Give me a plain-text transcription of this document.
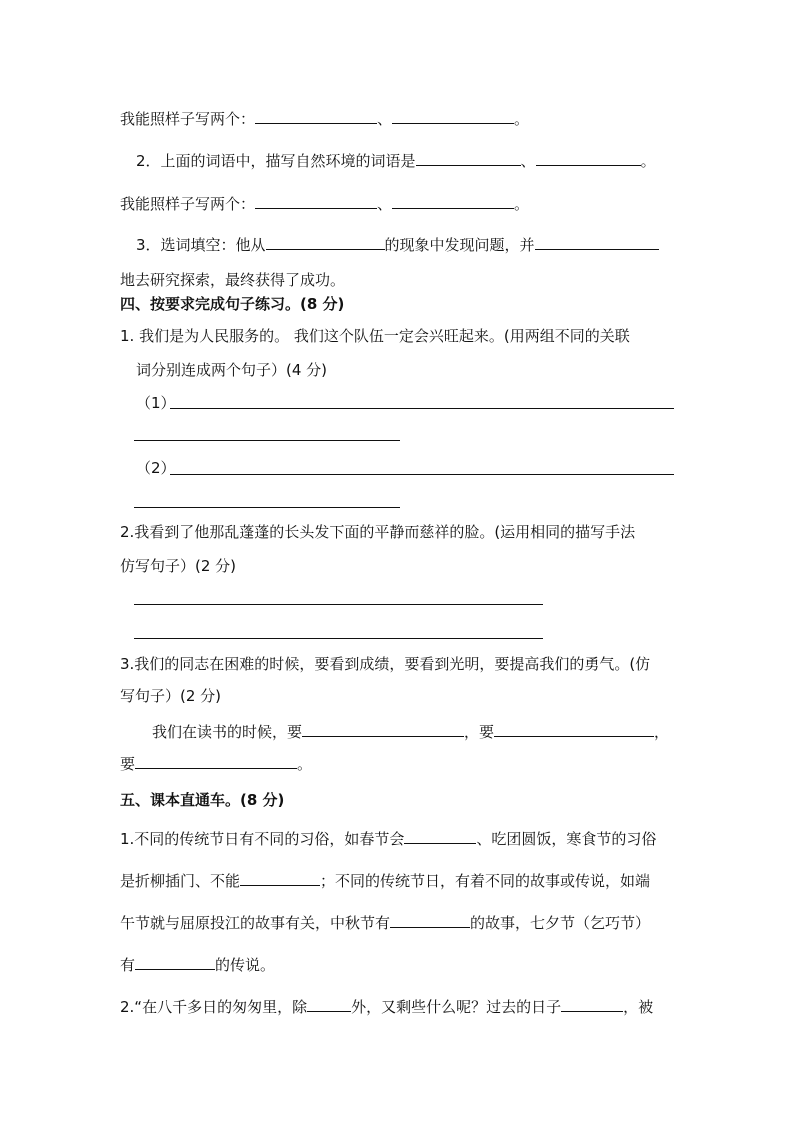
我能照样子写两个：	、	。
2．上面的词语中，描写自然环境的词语是	、	。
我能照样子写两个：	、	。
3．选词填空：他从	的现象中发现问题，并
地去研究探索，最终获得了成功。
四、按要求完成句子练习。(8 分)
1. 我们是为人民服务的。 我们这个队伍一定会兴旺起来。(用两组不同的关联
词分别连成两个句子）(4 分)
（1）
（2）
2.我看到了他那乱蓬蓬的长头发下面的平静而慈祥的脸。(运用相同的描写手法
仿写句子）(2 分)
3.我们的同志在困难的时候，要看到成绩，要看到光明，要提高我们的勇气。(仿
写句子）(2 分)
我们在读书的时候，要	，要	，
要	。
五、课本直通车。(8 分)
1.不同的传统节日有不同的习俗，如春节会	、吃团圆饭，寒食节的习俗
是折柳插门、不能	；不同的传统节日，有着不同的故事或传说，如端
午节就与屈原投江的故事有关，中秋节有	的故事，七夕节（乞巧节）
有	的传说。
2.“在八千多日的匆匆里，除	外，又剩些什么呢？过去的日子	，被
